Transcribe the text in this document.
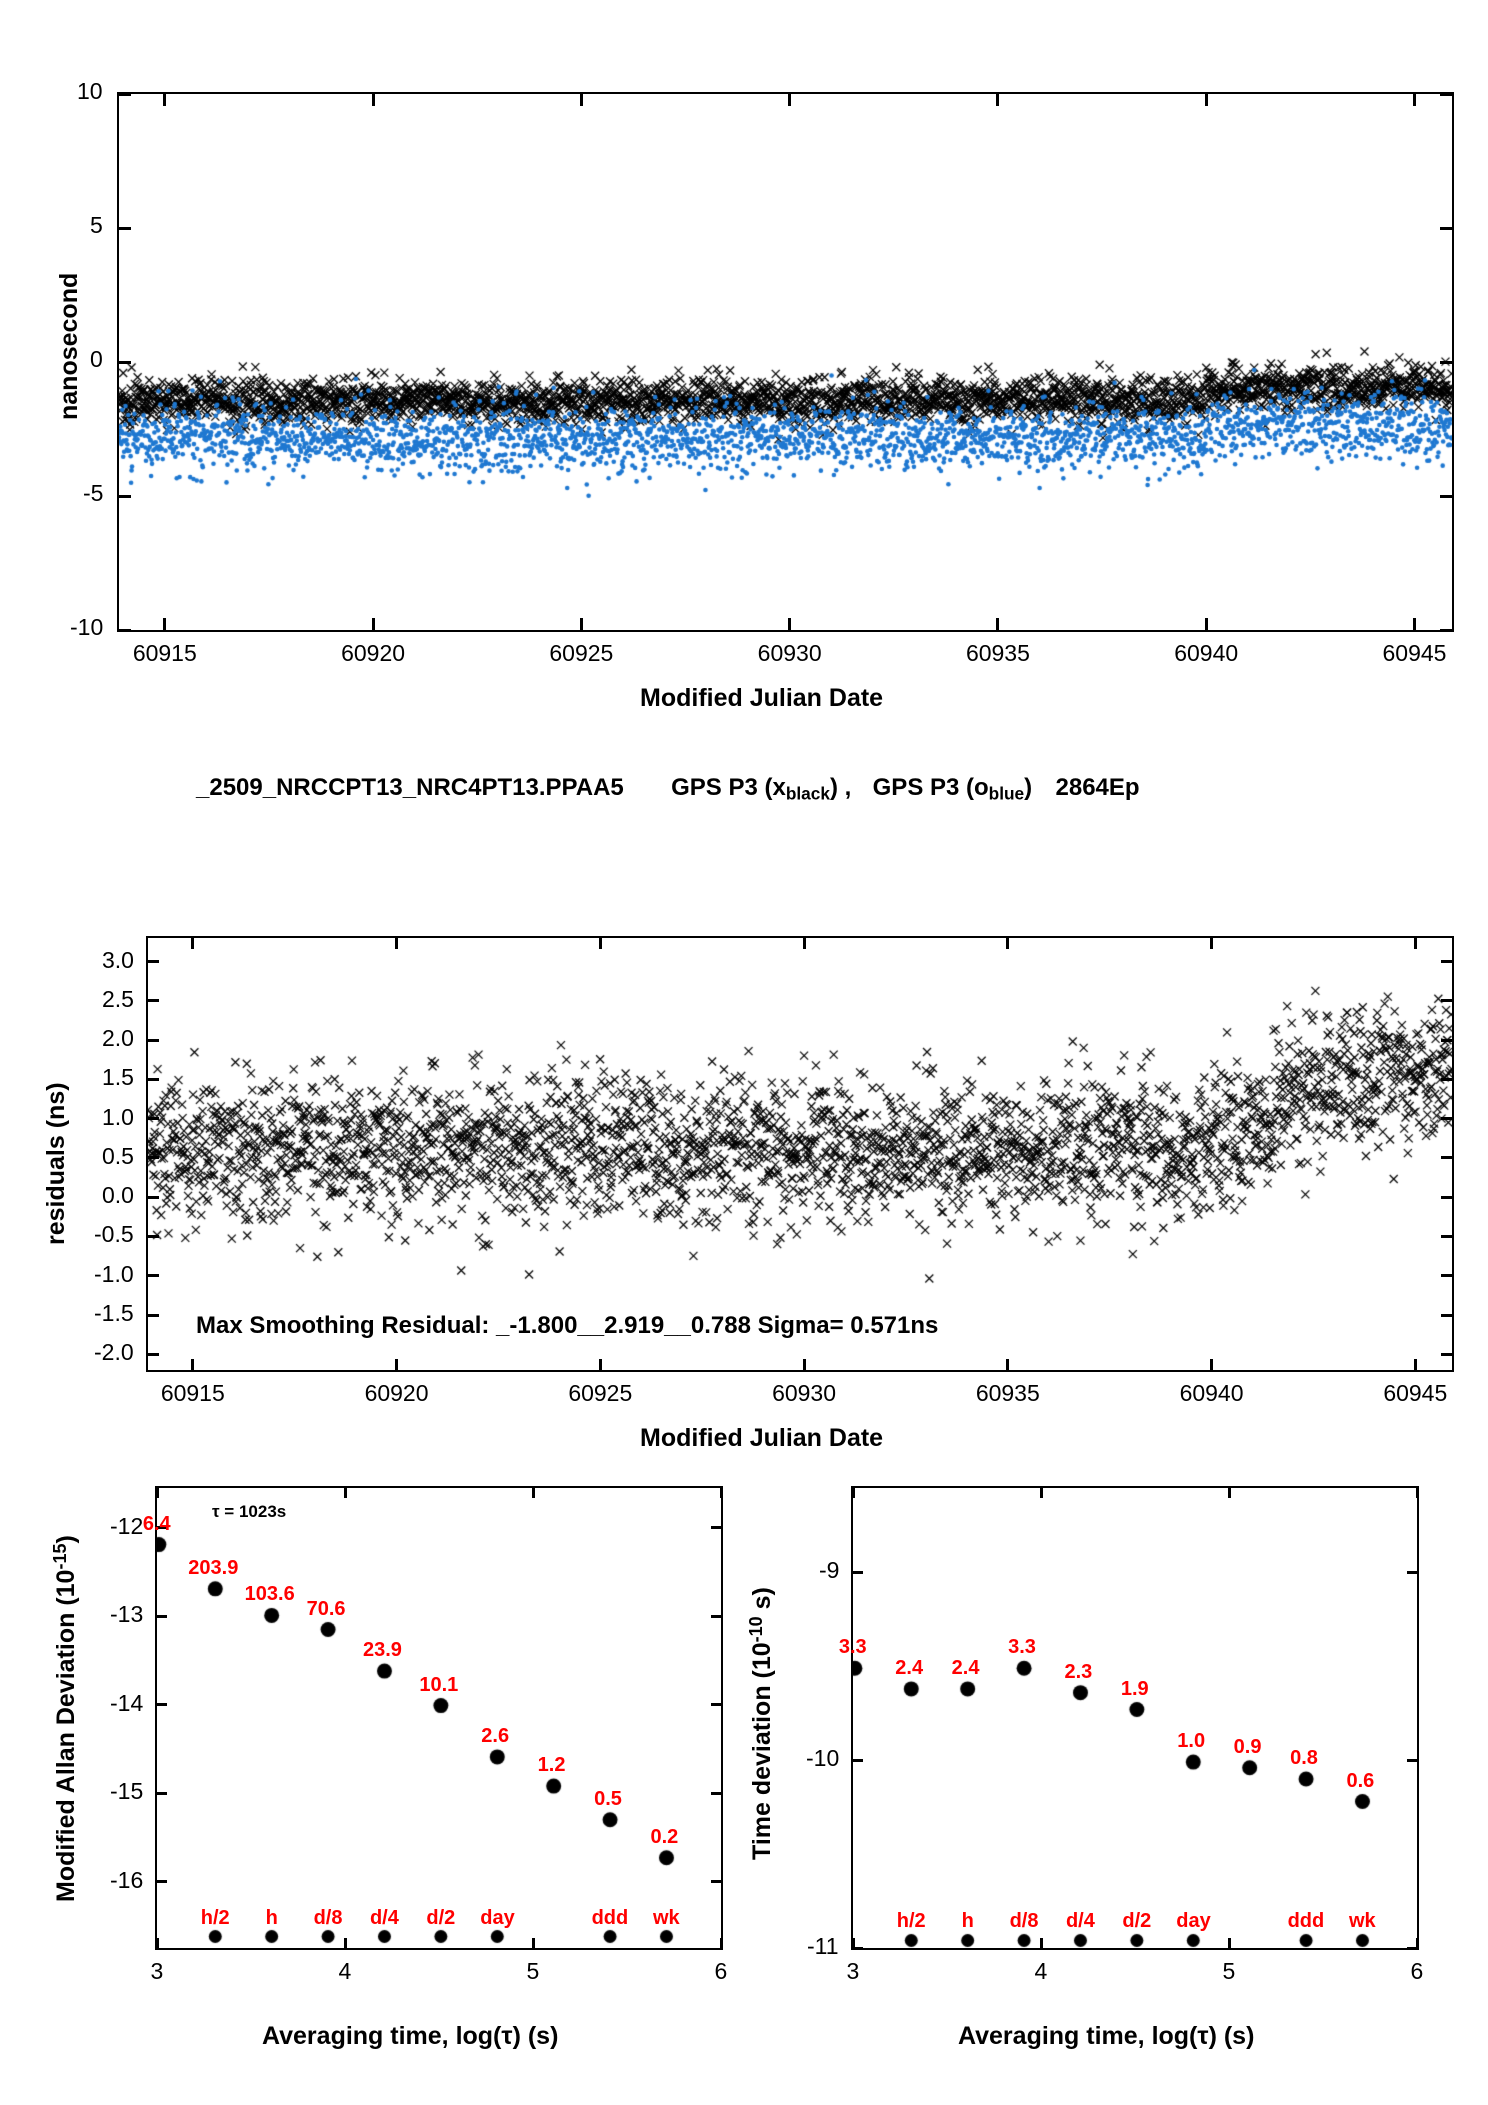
10
5
0
-5
-10
60915	60920	60925	60930	60935	60940	60945
nanosecond
Modified Julian Date
_2509_NRCCPT13_NRC4PT13.PPAA5 GPS P3 $(x_{black})$ , GPS P3 $(o_{blue})$ 2864Ep
3.0
2.5
2.0
1.5
1.0
0.5
0.0
-0.5
-1.0
-1.5
-2.0
60915	60920	60925	60930	60935	60940	60945
residuals (ns)
Modified Julian Date
Max Smoothing Residual: _-1.800__2.919__0.788 Sigma= 0.571ns
-12
-13
-14
-15
-16
3	4	5	6
6.4
203.9
103.6
70.6
23.9
10.1
2.6
1.2
0.5
0.2
h/2 h d/8 d/4 d/2 day	ddd wk
τ = 1023s
Modified Allan Deviation $(10^{-15})$
Averaging time, log(τ) (s)
-9
-10
-11
3	4	5	6
3.3
2.4 2.4
3.3
2.3
1.9
1.0 0.9
0.8
0.6
h/2 h d/8 d/4 d/2 day	ddd wk
Time deviation ($10^{-10}$ s)
Averaging time, log(τ) (s)
